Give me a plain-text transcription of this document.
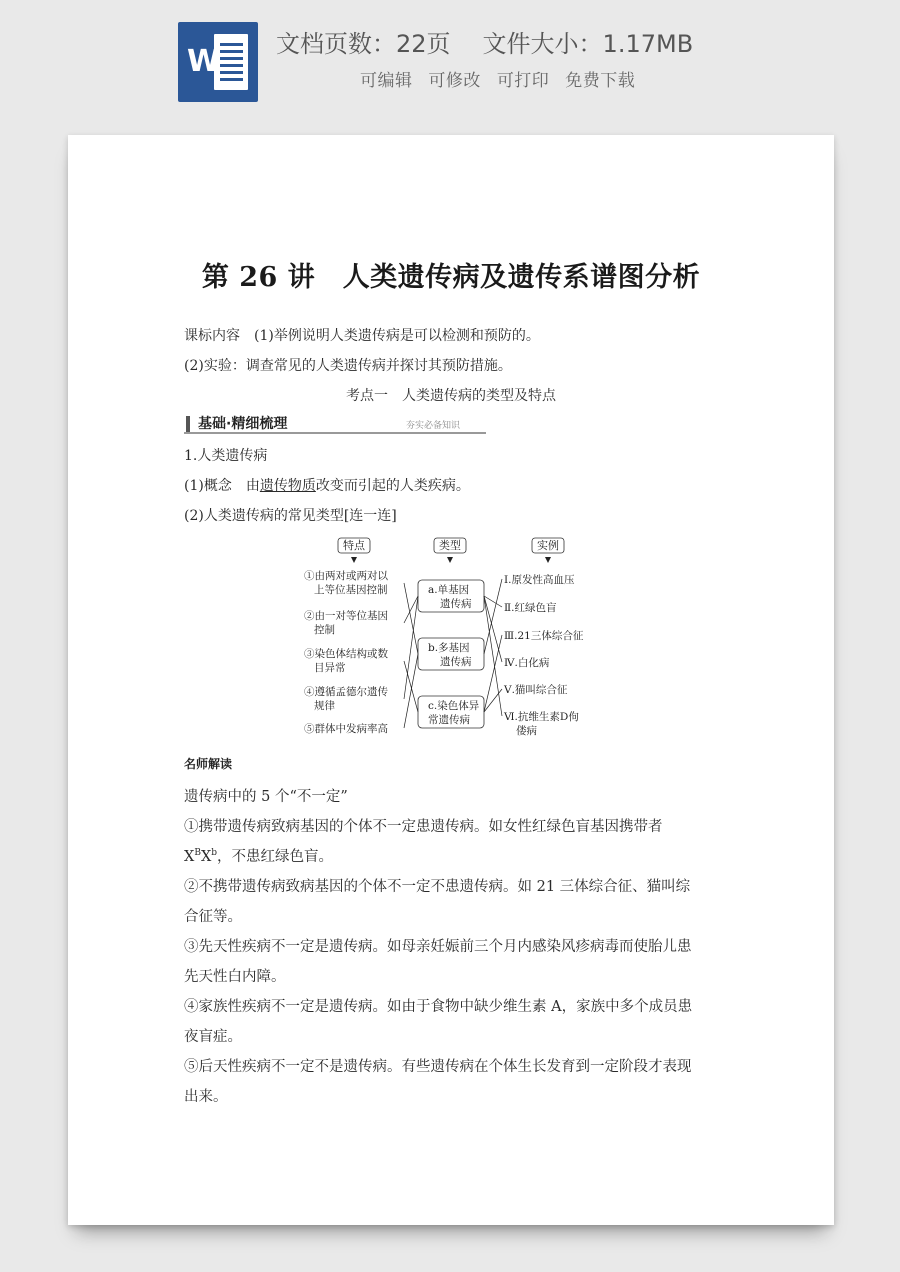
W 文档页数：22页 文件大小：1.17MB
可编辑 可修改 可打印 免费下载
第 26 讲　人类遗传病及遗传系谱图分析
课标内容　(1)举例说明人类遗传病是可以检测和预防的。
(2)实验：调查常见的人类遗传病并探讨其预防措施。
考点一　人类遗传病的类型及特点
基础·精细梳理	夯实必备知识
1.人类遗传病
(1)概念　由遗传物质改变而引起的人类疾病。
(2)人类遗传病的常见类型[连一连]
特点	类型	实例
①由两对或两对以
上等位基因控制
②由一对等位基因
控制
③染色体结构或数
目异常
④遵循孟德尔遗传
规律
⑤群体中发病率高
a.单基因
遗传病
b.多基因
遗传病
c.染色体异
常遗传病
Ⅰ.原发性高血压
Ⅱ.红绿色盲
Ⅲ.21三体综合征
Ⅳ.白化病
Ⅴ.猫叫综合征
Ⅵ.抗维生素D佝
偻病
名师解读
遗传病中的 5 个“不一定”
①携带遗传病致病基因的个体不一定患遗传病。如女性红绿色盲基因携带者
$X^BX^b$，不患红绿色盲。
②不携带遗传病致病基因的个体不一定不患遗传病。如 21 三体综合征、猫叫综
合征等。
③先天性疾病不一定是遗传病。如母亲妊娠前三个月内感染风疹病毒而使胎儿患
先天性白内障。
④家族性疾病不一定是遗传病。如由于食物中缺少维生素 A，家族中多个成员患
夜盲症。
⑤后天性疾病不一定不是遗传病。有些遗传病在个体生长发育到一定阶段才表现
出来。
